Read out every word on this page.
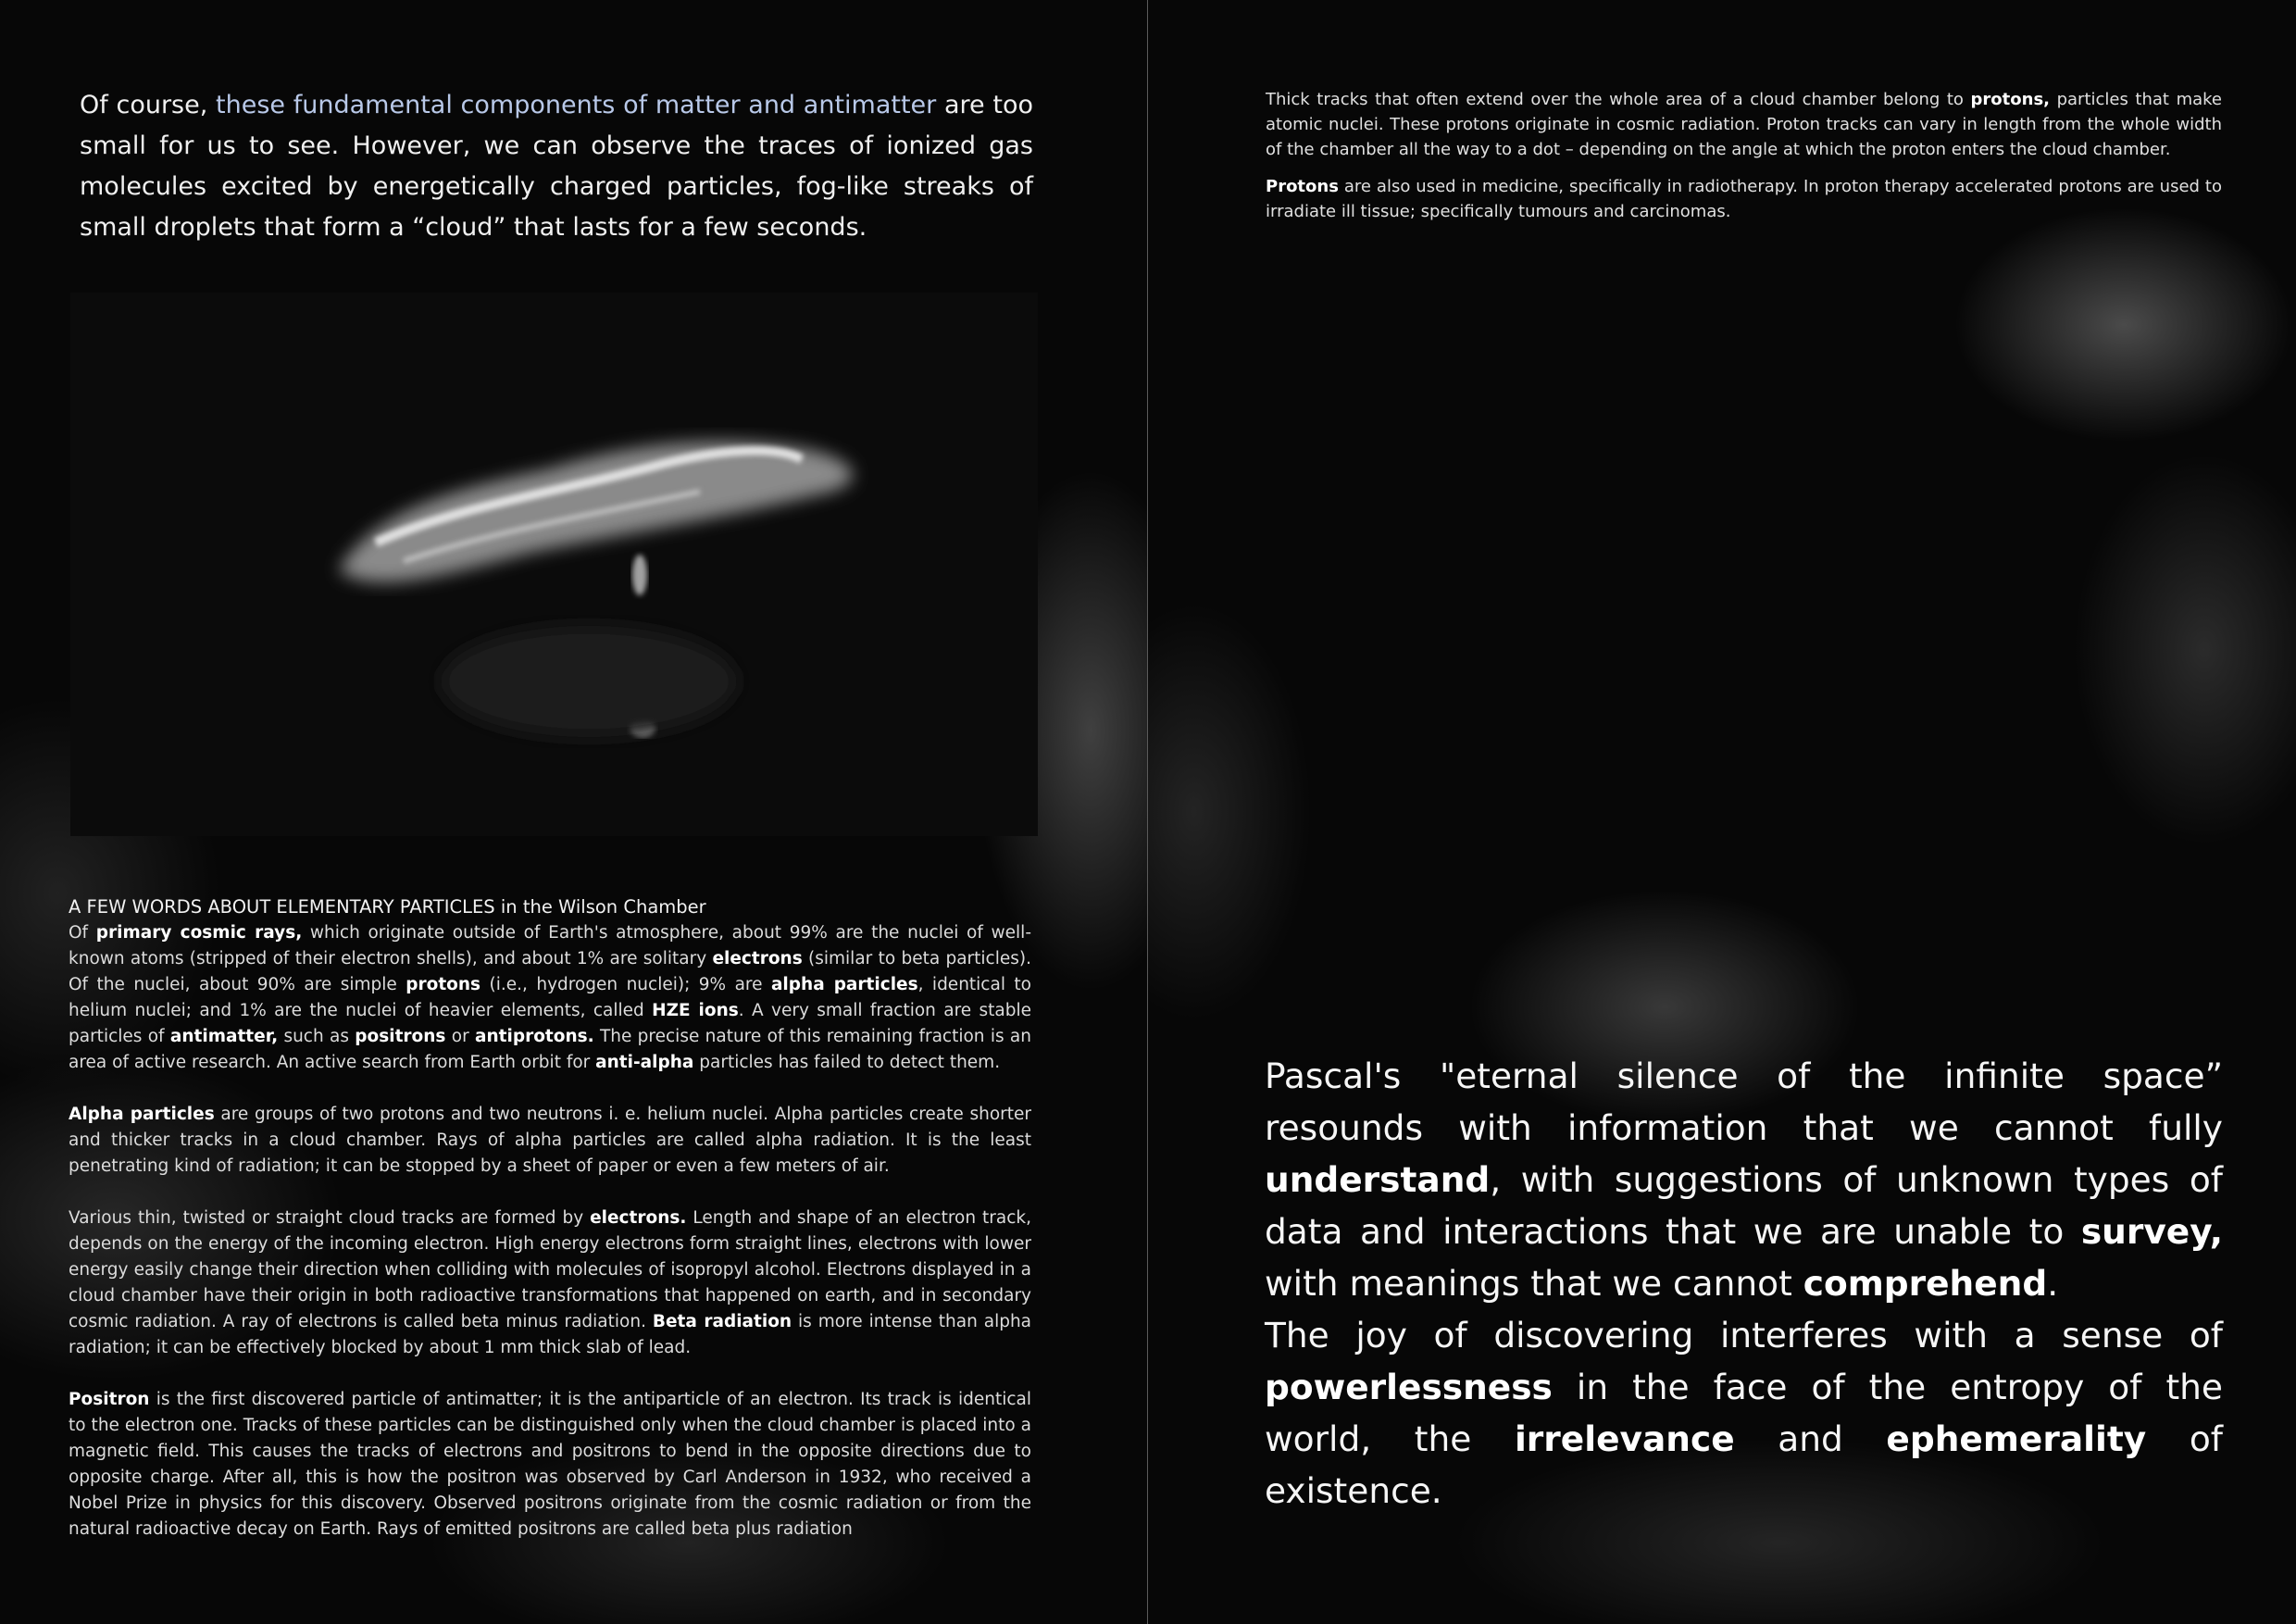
Of course, these fundamental components of matter and antimatter are too small for us to see. However, we can observe the traces of ionized gas molecules excited by energetically charged particles, fog-like streaks of small droplets that form a “cloud” that lasts for a few seconds.
A FEW WORDS ABOUT ELEMENTARY PARTICLES in the Wilson Chamber

Of primary cosmic rays, which originate outside of Earth's atmosphere, about 99% are the nuclei of well-known atoms (stripped of their electron shells), and about 1% are solitary electrons (similar to beta particles). Of the nuclei, about 90% are simple protons (i.e., hydrogen nuclei); 9% are alpha particles, identical to helium nuclei; and 1% are the nuclei of heavier elements, called HZE ions. A very small fraction are stable particles of antimatter, such as positrons or antiprotons. The precise nature of this remaining fraction is an area of active research. An active search from Earth orbit for anti-alpha particles has failed to detect them.

Alpha particles are groups of two protons and two neutrons i. e. helium nuclei. Alpha particles create shorter and thicker tracks in a cloud chamber. Rays of alpha particles are called alpha radiation. It is the least penetrating kind of radiation; it can be stopped by a sheet of paper or even a few meters of air.

Various thin, twisted or straight cloud tracks are formed by electrons. Length and shape of an electron track, depends on the energy of the incoming electron. High energy electrons form straight lines, electrons with lower energy easily change their direction when colliding with molecules of isopropyl alcohol. Electrons displayed in a cloud chamber have their origin in both radioactive transformations that happened on earth, and in secondary cosmic radiation. A ray of electrons is called beta minus radiation. Beta radiation is more intense than alpha radiation; it can be effectively blocked by about 1 mm thick slab of lead.

Positron is the first discovered particle of antimatter; it is the antiparticle of an electron. Its track is identical to the electron one. Tracks of these particles can be distinguished only when the cloud chamber is placed into a magnetic field. This causes the tracks of electrons and positrons to bend in the opposite directions due to opposite charge. After all, this is how the positron was observed by Carl Anderson in 1932, who received a Nobel Prize in physics for this discovery. Observed positrons originate from the cosmic radiation or from the natural radioactive decay on Earth. Rays of emitted positrons are called beta plus radiation

Thick tracks that often extend over the whole area of a cloud chamber belong to protons, particles that make atomic nuclei. These protons originate in cosmic radiation. Proton tracks can vary in length from the whole width of the chamber all the way to a dot – depending on the angle at which the proton enters the cloud chamber.

Protons are also used in medicine, specifically in radiotherapy. In proton therapy accelerated protons are used to irradiate ill tissue; specifically tumours and carcinomas.

Pascal's "eternal silence of the infinite space” resounds with information that we cannot fully understand, with suggestions of unknown types of data and interactions that we are unable to survey, with meanings that we cannot comprehend.
The joy of discovering interferes with a sense of powerlessness in the face of the entropy of the world, the irrelevance and ephemerality of existence.
